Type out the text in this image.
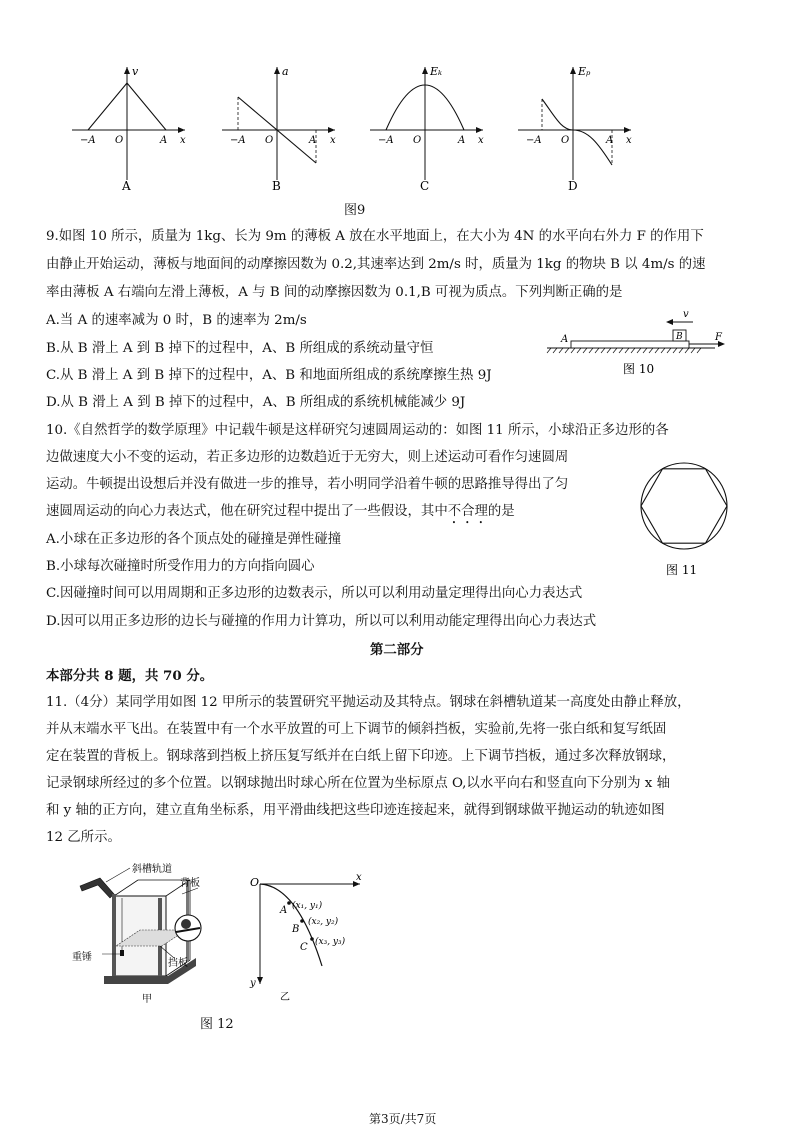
v
−A O	A x
A
a
−A O	A x
B
Eₖ
−A O	A x
C
Eₚ
−A O	A x
D
图9
9.如图 10 所示，质量为 1kg、长为 9m 的薄板 A 放在水平地面上，在大小为 4N 的水平向右外力 F 的作用下
由静止开始运动，薄板与地面间的动摩擦因数为 0.2,其速率达到 2m/s 时，质量为 1kg 的物块 B 以 4m/s 的速
率由薄板 A 右端向左滑上薄板，A 与 B 间的动摩擦因数为 0.1,B 可视为质点。下列判断正确的是
A.当 A 的速率减为 0 时，B 的速率为 2m/s
B.从 B 滑上 A 到 B 掉下的过程中，A、B 所组成的系统动量守恒
C.从 B 滑上 A 到 B 掉下的过程中，A、B 和地面所组成的系统摩擦生热 9J
D.从 B 滑上 A 到 B 掉下的过程中，A、B 所组成的系统机械能减少 9J
v
A	B	F
图 10
10.《自然哲学的数学原理》中记载牛顿是这样研究匀速圆周运动的：如图 11 所示，小球沿正多边形的各
边做速度大小不变的运动，若正多边形的边数趋近于无穷大，则上述运动可看作匀速圆周
运动。牛顿提出设想后并没有做进一步的推导，若小明同学沿着牛顿的思路推导得出了匀
速圆周运动的向心力表达式，他在研究过程中提出了一些假设，其中不合理的是
A.小球在正多边形的各个顶点处的碰撞是弹性碰撞
B.小球每次碰撞时所受作用力的方向指向圆心
C.因碰撞时间可以用周期和正多边形的边数表示，所以可以利用动量定理得出向心力表达式
D.因可以用正多边形的边长与碰撞的作用力计算功，所以可以利用动能定理得出向心力表达式
图 11
第二部分
本部分共 8 题，共 70 分。
11.（4分）某同学用如图 12 甲所示的装置研究平抛运动及其特点。钢球在斜槽轨道某一高度处由静止释放，
并从末端水平飞出。在装置中有一个水平放置的可上下调节的倾斜挡板，实验前,先将一张白纸和复写纸固
定在装置的背板上。钢球落到挡板上挤压复写纸并在白纸上留下印迹。上下调节挡板，通过多次释放钢球，
记录钢球所经过的多个位置。以钢球抛出时球心所在位置为坐标原点 O,以水平向右和竖直向下分别为 x 轴
和 y 轴的正方向，建立直角坐标系，用平滑曲线把这些印迹连接起来，就得到钢球做平抛运动的轨迹如图
12 乙所示。
斜槽轨道
背板
重锤
挡板
甲
O	x
y
A (x₁, y₁)
B
(x₂, y₂)
C (x₃, y₃)
乙
图 12
第3页/共7页
